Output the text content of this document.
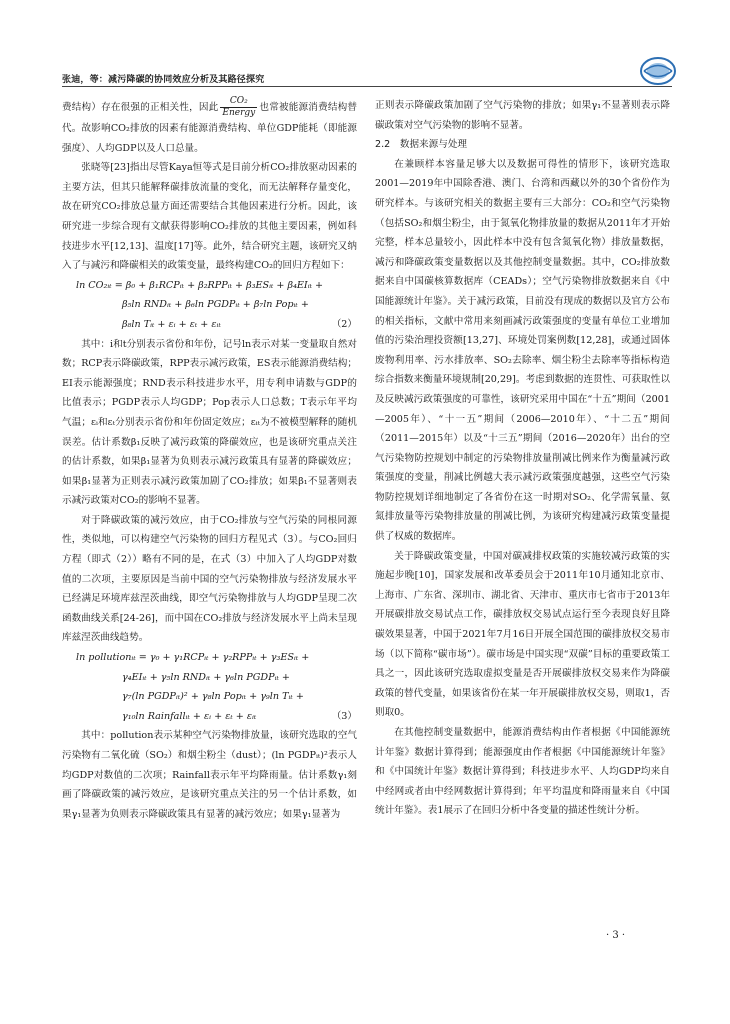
张迪，等：减污降碳的协同效应分析及其路径探究

费结构）存在很强的正相关性，因此 $\frac{\text{CO₂}}{\text{Energy}}$ 也常被能源消费结构替代。故影响CO₂排放的因素有能源消费结构、单位GDP能耗（即能源强度）、人均GDP以及人口总量。

张晓等[23]指出尽管Kaya恒等式是目前分析CO₂排放驱动因素的主要方法，但其只能解释碳排放流量的变化，而无法解释存量变化，故在研究CO₂排放总量方面还需要结合其他因素进行分析。因此，该研究进一步综合现有文献获得影响CO₂排放的其他主要因素，例如科技进步水平[12,13]、温度[17]等。此外，结合研究主题，该研究又纳入了与减污和降碳相关的政策变量，最终构建CO₂的回归方程如下：

ln CO₂ᵢₜ = β₀ + β₁RCPᵢₜ + β₂RPPᵢₜ + β₃ESᵢₜ + β₄EIᵢₜ +
β₅ln RNDᵢₜ + β₆ln PGDPᵢₜ + β₇ln Popᵢₜ +
（2）
β₈ln Tᵢₜ + εᵢ + εₜ + εᵢₜ

其中：i和t分别表示省份和年份，记号ln表示对某一变量取自然对数；RCP表示降碳政策，RPP表示减污政策，ES表示能源消费结构；EI表示能源强度；RND表示科技进步水平，用专利申请数与GDP的比值表示；PGDP表示人均GDP；Pop表示人口总数；T表示年平均气温；εᵢ和εₜ分别表示省份和年份固定效应；εᵢₜ为不被模型解释的随机误差。估计系数β₁反映了减污政策的降碳效应，也是该研究重点关注的估计系数，如果β₁显著为负则表示减污政策具有显著的降碳效应；如果β₁显著为正则表示减污政策加剧了CO₂排放；如果β₁不显著则表示减污政策对CO₂的影响不显著。

对于降碳政策的减污效应，由于CO₂排放与空气污染的同根同源性，类似地，可以构建空气污染物的回归方程见式（3）。与CO₂回归方程（即式（2））略有不同的是，在式（3）中加入了人均GDP对数值的二次项，主要原因是当前中国的空气污染物排放与经济发展水平已经满足环境库兹涅茨曲线，即空气污染物排放与人均GDP呈现二次函数曲线关系[24-26]，而中国在CO₂排放与经济发展水平上尚未呈现库兹涅茨曲线趋势。

ln pollutionᵢₜ = γ₀ + γ₁RCPᵢₜ + γ₂RPPᵢₜ + γ₃ESᵢₜ +
γ₄EIᵢₜ + γ₅ln RNDᵢₜ + γ₆ln PGDPᵢₜ +
γ₇(ln PGDPᵢₜ)² + γ₈ln Popᵢₜ + γ₉ln Tᵢₜ +
（3）
γ₁₀ln Rainfallᵢₜ + εᵢ + εₜ + εᵢₜ

其中：pollution表示某种空气污染物排放量，该研究选取的空气污染物有二氧化硫（SO₂）和烟尘粉尘（dust）；(ln PGDPᵢₜ)²表示人均GDP对数值的二次项；Rainfall表示年平均降雨量。估计系数γ₁刻画了降碳政策的减污效应，是该研究重点关注的另一个估计系数，如果γ₁显著为负则表示降碳政策具有显著的减污效应；如果γ₁显著为

正则表示降碳政策加剧了空气污染物的排放；如果γ₁不显著则表示降碳政策对空气污染物的影响不显著。

2.2　数据来源与处理

在兼顾样本容量足够大以及数据可得性的情形下，该研究选取2001—2019年中国除香港、澳门、台湾和西藏以外的30个省份作为研究样本。与该研究相关的数据主要有三大部分：CO₂和空气污染物（包括SO₂和烟尘粉尘，由于氮氧化物排放量的数据从2011年才开始完整，样本总量较小，因此样本中没有包含氮氧化物）排放量数据，减污和降碳政策变量数据以及其他控制变量数据。其中，CO₂排放数据来自中国碳核算数据库（CEADs）；空气污染物排放数据来自《中国能源统计年鉴》。关于减污政策，目前没有现成的数据以及官方公布的相关指标，文献中常用来刻画减污政策强度的变量有单位工业增加值的污染治理投资额[13,27]、环境处罚案例数[12,28]，或通过固体废物利用率、污水排放率、SO₂去除率、烟尘粉尘去除率等指标构造综合指数来衡量环境规制[20,29]。考虑到数据的连贯性、可获取性以及反映减污政策强度的可靠性，该研究采用中国在“十五”期间（2001—2005年）、“十一五”期间（2006—2010年）、“十二五”期间（2011—2015年）以及“十三五”期间（2016—2020年）出台的空气污染物防控规划中制定的污染物排放量削减比例来作为衡量减污政策强度的变量，削减比例越大表示减污政策强度越强，这些空气污染物防控规划详细地制定了各省份在这一时期对SO₂、化学需氧量、氨氮排放量等污染物排放量的削减比例，为该研究构建减污政策变量提供了权威的数据库。

关于降碳政策变量，中国对碳减排权政策的实施较减污政策的实施起步晚[10]，国家发展和改革委员会于2011年10月通知北京市、上海市、广东省、深圳市、湖北省、天津市、重庆市七省市于2013年开展碳排放交易试点工作，碳排放权交易试点运行至今表现良好且降碳效果显著，中国于2021年7月16日开展全国范围的碳排放权交易市场（以下简称“碳市场”）。碳市场是中国实现“双碳”目标的重要政策工具之一，因此该研究选取虚拟变量是否开展碳排放权交易来作为降碳政策的替代变量，如果该省份在某一年开展碳排放权交易，则取1，否则取0。

在其他控制变量数据中，能源消费结构由作者根据《中国能源统计年鉴》数据计算得到；能源强度由作者根据《中国能源统计年鉴》和《中国统计年鉴》数据计算得到；科技进步水平、人均GDP均来自中经网或者由中经网数据计算得到；年平均温度和降雨量来自《中国统计年鉴》。表1展示了在回归分析中各变量的描述性统计分析。

· 3 ·
